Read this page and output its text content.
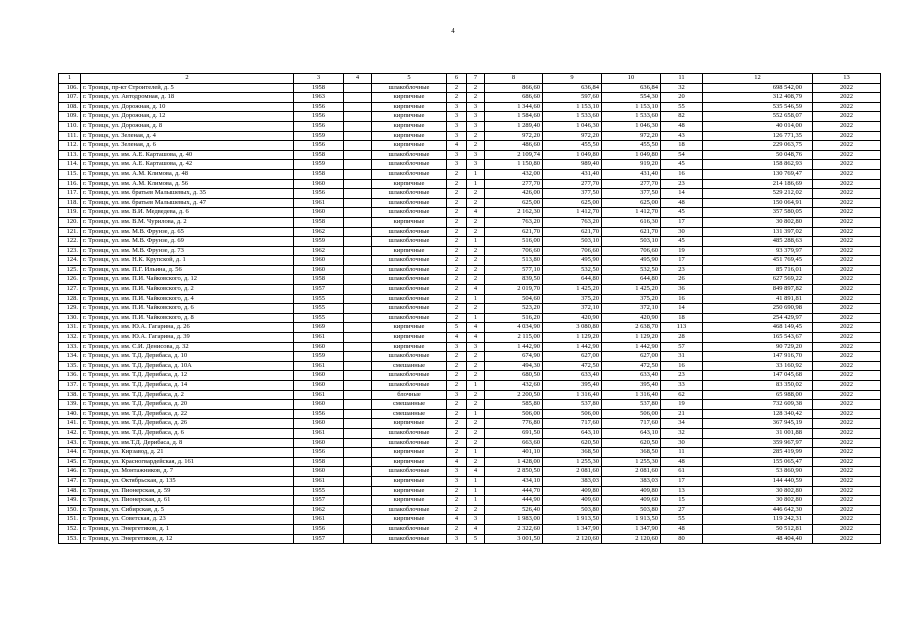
4
1	2	3	4	5	6	7	8	9	10	11	12	13
106.	г. Троицк, пр-кт Строителей, д. 5	1958		шлакоблочные	2	2	866,60	636,84	636,84	32	698 542,00	2022
107.	г. Троицк, ул. Автодромная, д. 18	1963		кирпичные	2	2	686,60	597,60	554,30	20	312 408,79	2022
108.	г. Троицк, ул. Дорожная, д. 10	1956		кирпичные	3	3	1 344,60	1 153,10	1 153,10	55	535 546,59	2022
109.	г. Троицк, ул. Дорожная, д. 12	1956		кирпичные	3	3	1 584,60	1 533,60	1 533,60	82	552 658,07	2022
110.	г. Троицк, ул. Дорожная, д. 8	1956		кирпичные	3	3	1 289,40	1 046,30	1 046,30	48	40 014,00	2022
111.	г. Троицк, ул. Зеленая, д. 4	1959		кирпичные	3	2	972,20	972,20	972,20	43	126 771,35	2022
112.	г. Троицк, ул. Зеленая, д. 6	1956		кирпичные	4	2	486,60	455,50	455,50	18	229 063,75	2022
113.	г. Троицк, ул. им. А.Е. Карташова, д. 40	1958		шлакоблочные	3	3	2 109,74	1 049,80	1 049,80	54	50 048,76	2022
114.	г. Троицк, ул. им. А.Е. Карташова, д. 42	1959		шлакоблочные	3	3	1 150,80	989,40	919,20	45	158 862,93	2022
115.	г. Троицк, ул. им. А.М. Климова, д. 48	1958		шлакоблочные	2	1	432,00	431,40	431,40	16	130 769,47	2022
116.	г. Троицк, ул. им. А.М. Климова, д. 56	1960		кирпичные	2	1	277,70	277,70	277,70	23	214 186,69	2022
117.	г. Троицк, ул. им. братьев Малышевых, д. 35	1956		шлакоблочные	2	2	426,00	377,50	377,50	14	529 212,02	2022
118.	г. Троицк, ул. им. братьев Малышевых, д. 47	1961		шлакоблочные	2	2	625,00	625,00	625,00	48	150 064,91	2022
119.	г. Троицк, ул. им. В.И. Медведева, д. 6	1960		шлакоблочные	2	4	2 162,30	1 412,70	1 412,70	45	357 580,05	2022
120.	г. Троицк, ул. им. В.М. Чурилова, д. 2	1958		кирпичные	2	2	763,20	763,20	616,30	17	30 802,80	2022
121.	г. Троицк, ул. им. М.В. Фрунзе, д. 65	1962		шлакоблочные	2	2	621,70	621,70	621,70	30	131 397,02	2022
122.	г. Троицк, ул. им. М.В. Фрунзе, д. 69	1959		шлакоблочные	2	1	516,00	503,10	503,10	45	485 288,63	2022
123.	г. Троицк, ул. им. М.В. Фрунзе, д. 73	1962		кирпичные	2	2	706,60	706,60	706,60	19	93 379,97	2022
124.	г. Троицк, ул. им. Н.К. Крупской, д. 1	1960		шлакоблочные	2	2	513,80	495,90	495,90	17	451 769,45	2022
125.	г. Троицк, ул. им. П.Г. Ильина, д. 56	1960		шлакоблочные	2	2	577,10	532,50	532,50	23	85 716,01	2022
126.	г. Троицк, ул. им. П.И. Чайковского, д. 12	1958		шлакоблочные	2	2	839,50	644,80	644,80	26	627 569,22	2022
127.	г. Троицк, ул. им. П.И. Чайковского, д. 2	1957		шлакоблочные	2	4	2 019,70	1 425,20	1 425,20	36	849 897,82	2022
128.	г. Троицк, ул. им. П.И. Чайковского, д. 4	1955		шлакоблочные	2	1	504,60	375,20	375,20	16	41 891,81	2022
129.	г. Троицк, ул. им. П.И. Чайковского, д. 6	1955		шлакоблочные	2	2	523,20	372,10	372,10	14	250 690,98	2022
130.	г. Троицк, ул. им. П.И. Чайковского, д. 8	1955		шлакоблочные	2	1	516,20	420,90	420,90	18	254 429,97	2022
131.	г. Троицк, ул. им. Ю.А. Гагарина, д. 26	1969		кирпичные	5	4	4 034,90	3 080,80	2 638,70	113	468 149,45	2022
132.	г. Троицк, ул. им. Ю.А. Гагарина, д. 39	1961		кирпичные	4	4	2 115,00	1 129,20	1 129,20	28	165 543,67	2022
133.	г. Троицк, ул. им. С.И. Денисова, д. 32	1960		кирпичные	3	3	1 442,90	1 442,90	1 442,90	57	90 729,20	2022
134.	г. Троицк, ул. им. Т.Д. Дерибаса, д. 10	1959		шлакоблочные	2	2	674,90	627,00	627,00	31	147 916,70	2022
135.	г. Троицк, ул. им. Т.Д. Дерибаса, д. 10А	1961		смешанные	2	2	494,30	472,50	472,50	16	33 160,92	2022
136.	г. Троицк, ул. им. Т.Д. Дерибаса, д. 12	1960		шлакоблочные	2	2	680,50	633,40	633,40	23	147 045,68	2022
137.	г. Троицк, ул. им. Т.Д. Дерибаса, д. 14	1960		шлакоблочные	2	1	432,60	395,40	395,40	33	83 350,02	2022
138.	г. Троицк, ул. им. Т.Д. Дерибаса, д. 2	1961		блочные	3	2	2 200,50	1 316,40	1 316,40	62	65 988,00	2022
139.	г. Троицк, ул. им. Т.Д. Дерибаса, д. 20	1960		смешанные	2	2	585,80	537,80	537,80	19	732 609,38	2022
140.	г. Троицк, ул. им. Т.Д. Дерибаса, д. 22	1956		смешанные	2	1	506,00	506,00	506,00	21	128 340,42	2022
141.	г. Троицк, ул. им. Т.Д. Дерибаса, д. 26	1960		кирпичные	2	2	776,80	717,60	717,60	34	367 945,19	2022
142.	г. Троицк, ул. им. Т.Д. Дерибаса, д. 6	1961		шлакоблочные	2	2	691,50	643,10	643,10	32	31 001,88	2022
143.	г. Троицк, ул. им.Т.Д. Дерибаса, д. 8	1960		шлакоблочные	2	2	663,60	620,50	620,50	30	359 967,97	2022
144.	г. Троицк, ул. Кирзавод, д. 21	1956		кирпичные	2	1	401,10	368,50	368,50	11	285 419,99	2022
145.	г. Троицк, ул. Красногвардейская, д. 161	1958		кирпичные	4	2	1 428,00	1 255,30	1 255,30	48	155 065,47	2022
146.	г. Троицк, ул. Монтажников, д. 7	1960		шлакоблочные	3	4	2 850,50	2 081,60	2 081,60	61	53 860,90	2022
147.	г. Троицк, ул. Октябрьская, д. 135	1961		кирпичные	3	1	434,10	383,03	383,03	17	144 440,59	2022
148.	г. Троицк, ул. Пионерская, д. 59	1955		кирпичные	2	1	444,70	409,80	409,80	13	30 802,80	2022
149.	г. Троицк, ул. Пионерская, д. 61	1957		кирпичные	2	1	444,90	409,60	409,60	15	30 802,80	2022
150.	г. Троицк, ул. Сибирская, д. 5	1962		шлакоблочные	2	2	526,40	503,80	503,80	27	446 642,30	2022
151.	г. Троицк, ул. Советская, д. 23	1961		кирпичные	4	3	1 983,00	1 913,50	1 913,50	55	119 242,31	2022
152.	г. Троицк, ул. Энергетиков, д. 1	1956		шлакоблочные	2	4	2 322,60	1 347,90	1 347,90	48	50 512,81	2022
153.	г. Троицк, ул. Энергетиков, д. 12	1957		шлакоблочные	3	5	3 001,50	2 120,60	2 120,60	80	48 404,40	2022
